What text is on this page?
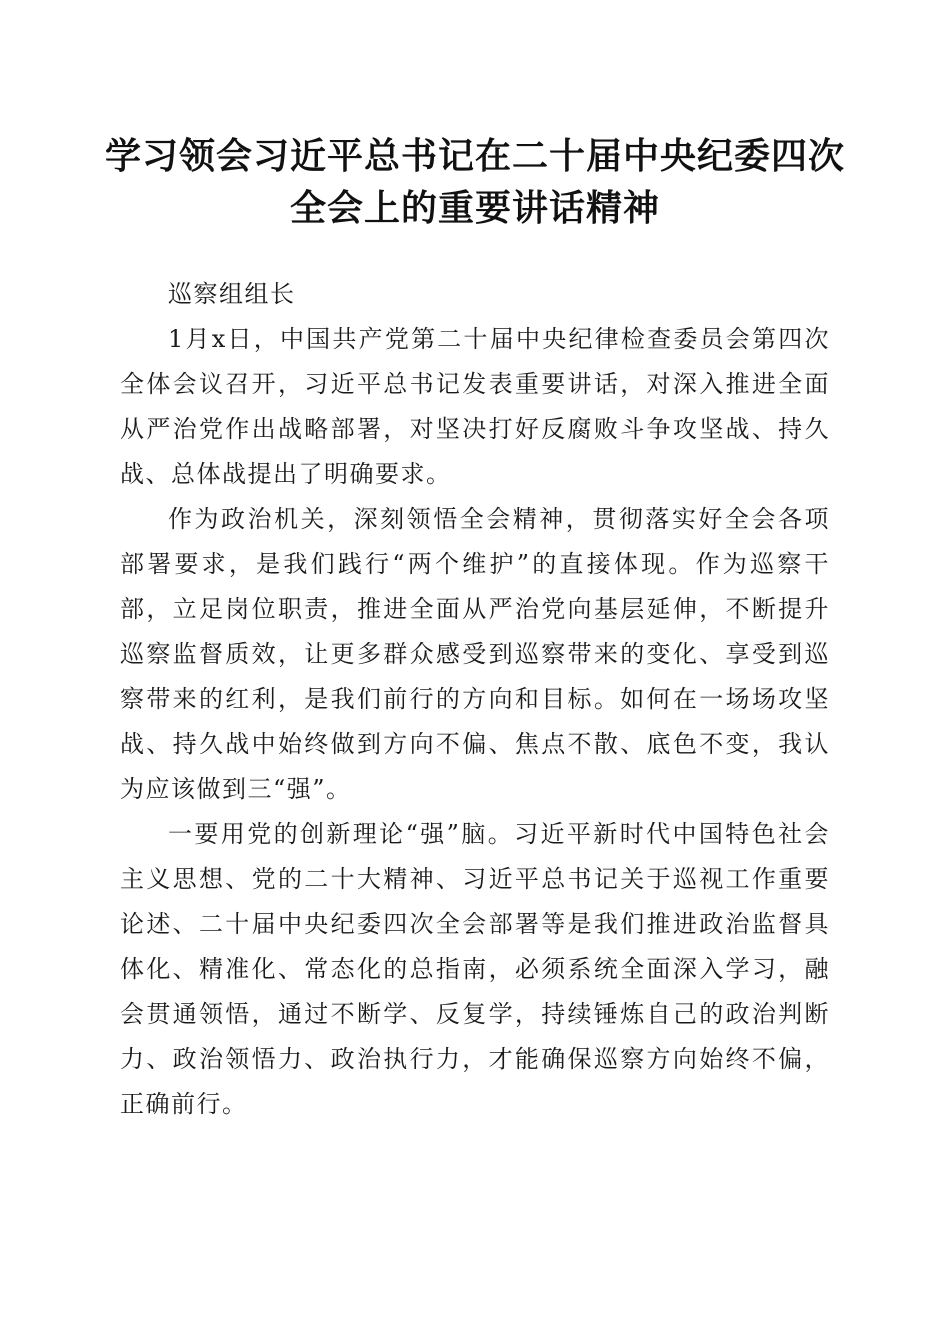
学习领会习近平总书记在二十届中央纪委四次
全会上的重要讲话精神
巡察组组长

1月x日，中国共产党第二十届中央纪律检查委员会第四次全体会议召开，习近平总书记发表重要讲话，对深入推进全面从严治党作出战略部署，对坚决打好反腐败斗争攻坚战、持久战、总体战提出了明确要求。

作为政治机关，深刻领悟全会精神，贯彻落实好全会各项部署要求，是我们践行“两个维护”的直接体现。作为巡察干部，立足岗位职责，推进全面从严治党向基层延伸，不断提升巡察监督质效，让更多群众感受到巡察带来的变化、享受到巡察带来的红利，是我们前行的方向和目标。如何在一场场攻坚战、持久战中始终做到方向不偏、焦点不散、底色不变，我认为应该做到三“强”。

一要用党的创新理论“强”脑。习近平新时代中国特色社会主义思想、党的二十大精神、习近平总书记关于巡视工作重要论述、二十届中央纪委四次全会部署等是我们推进政治监督具体化、精准化、常态化的总指南，必须系统全面深入学习，融会贯通领悟，通过不断学、反复学，持续锤炼自己的政治判断力、政治领悟力、政治执行力，才能确保巡察方向始终不偏，正确前行。
